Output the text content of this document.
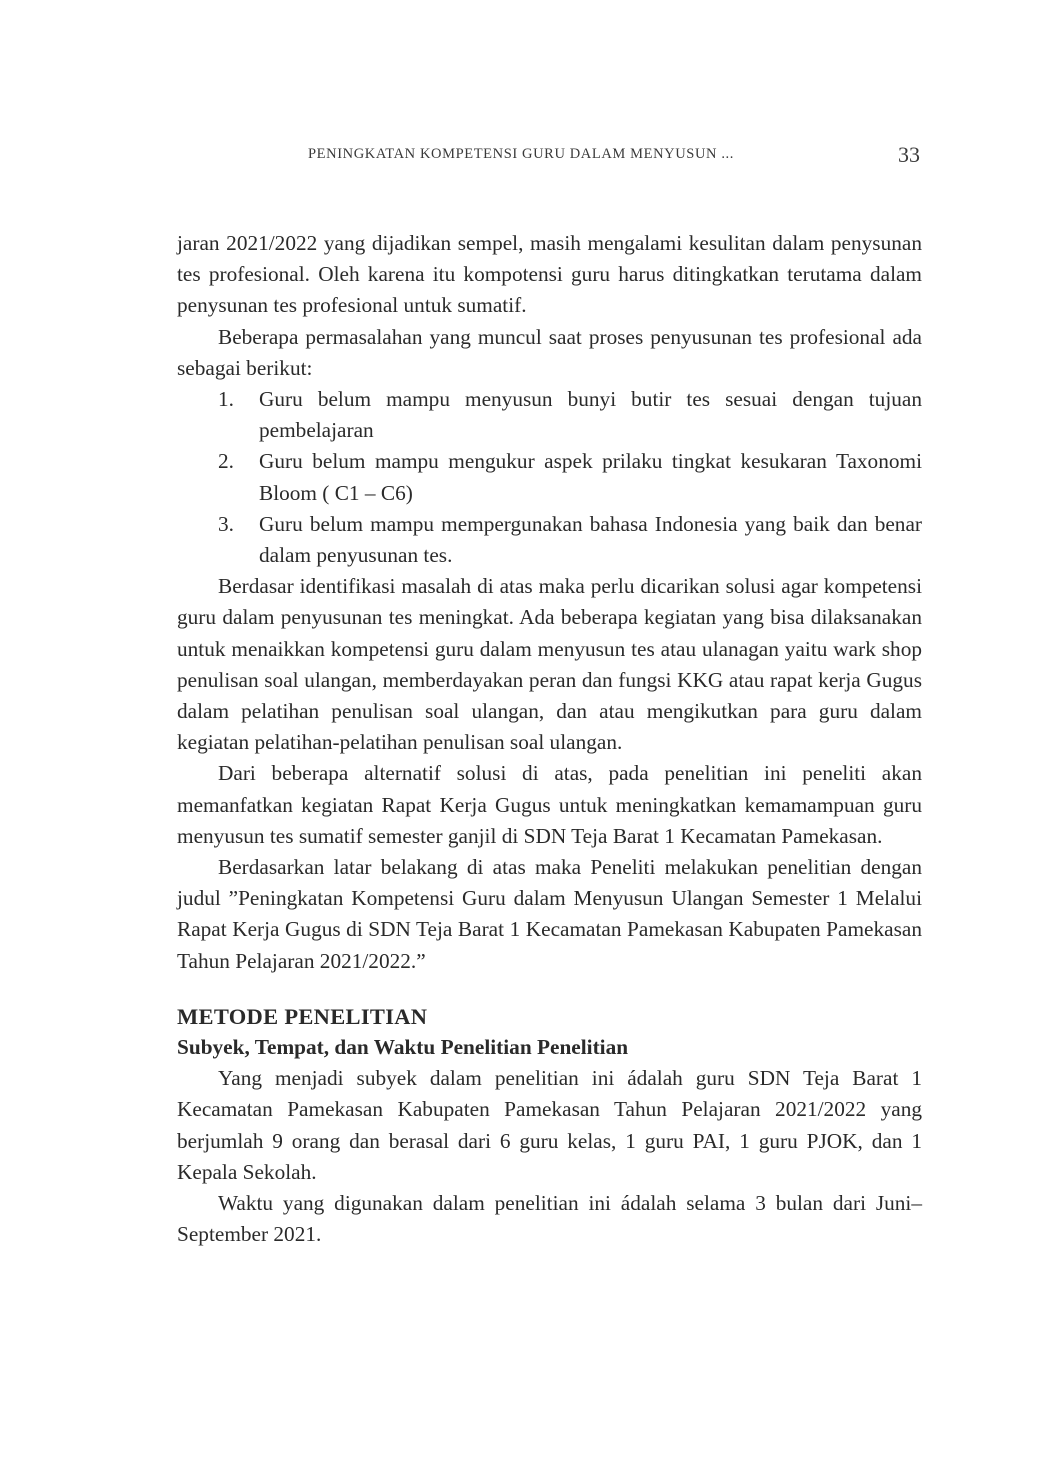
PENINGKATAN KOMPETENSI GURU DALAM MENYUSUN ...	33

jaran 2021/2022 yang dijadikan sempel, masih mengalami kesulitan dalam penysunan tes profesional. Oleh karena itu kompotensi guru harus ditingkatkan terutama dalam penysunan tes profesional untuk sumatif.

Beberapa permasalahan yang muncul saat proses penyusunan tes profesional ada sebagai berikut:

1. Guru belum mampu menyusun bunyi butir tes sesuai dengan tujuan pembelajaran
2. Guru belum mampu mengukur aspek prilaku tingkat kesukaran Taxonomi Bloom ( C1 – C6)
3. Guru belum mampu mempergunakan bahasa Indonesia yang baik dan benar dalam penyusunan tes.

Berdasar identifikasi masalah di atas maka perlu dicarikan solusi agar kompetensi guru dalam penyusunan tes meningkat. Ada beberapa kegiatan yang bisa dilaksanakan untuk menaikkan kompetensi guru dalam menyusun tes atau ulanagan yaitu wark shop penulisan soal ulangan, memberdayakan peran dan fungsi KKG atau rapat kerja Gugus dalam pelatihan penulisan soal ulangan, dan atau mengikutkan para guru dalam kegiatan pelatihan-pelatihan penulisan soal ulangan.

Dari beberapa alternatif solusi di atas, pada penelitian ini peneliti akan memanfatkan kegiatan Rapat Kerja Gugus untuk meningkatkan kemamampuan guru menyusun tes sumatif semester ganjil di SDN Teja Barat 1 Kecamatan Pamekasan.

Berdasarkan latar belakang di atas maka Peneliti melakukan penelitian dengan judul ”Peningkatan Kompetensi Guru dalam Menyusun Ulangan Semester 1 Melalui Rapat Kerja Gugus di SDN Teja Barat 1 Kecamatan Pamekasan Kabupaten Pamekasan Tahun Pelajaran 2021/2022.”

METODE PENELITIAN
Subyek, Tempat, dan Waktu Penelitian Penelitian

Yang menjadi subyek dalam penelitian ini ádalah guru SDN Teja Barat 1 Kecamatan Pamekasan Kabupaten Pamekasan Tahun Pelajaran 2021/2022 yang berjumlah 9 orang dan berasal dari 6 guru kelas, 1 guru PAI, 1 guru PJOK, dan 1 Kepala Sekolah.

Waktu yang digunakan dalam penelitian ini ádalah selama 3 bulan dari Juni–September 2021.
